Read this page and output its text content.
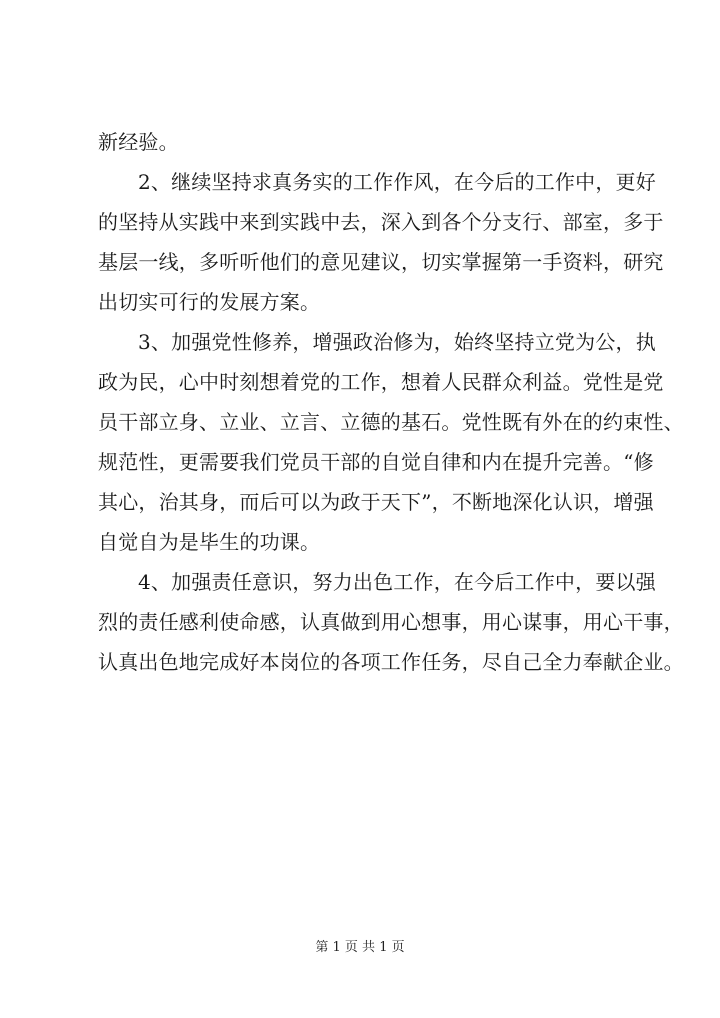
新经验。
2、继续坚持求真务实的工作作风，在今后的工作中，更好
的坚持从实践中来到实践中去，深入到各个分支行、部室，多于
基层一线，多听听他们的意见建议，切实掌握第一手资料，研究
出切实可行的发展方案。
3、加强党性修养，增强政治修为，始终坚持立党为公，执
政为民，心中时刻想着党的工作，想着人民群众利益。党性是党
员干部立身、立业、立言、立德的基石。党性既有外在的约束性、
规范性，更需要我们党员干部的自觉自律和内在提升完善。“修
其心，治其身，而后可以为政于天下”，不断地深化认识，增强
自觉自为是毕生的功课。
4、加强责任意识，努力出色工作，在今后工作中，要以强
烈的责任感利使命感，认真做到用心想事，用心谋事，用心干事，
认真出色地完成好本岗位的各项工作任务，尽自己全力奉献企业。
第 1 页 共 1 页
